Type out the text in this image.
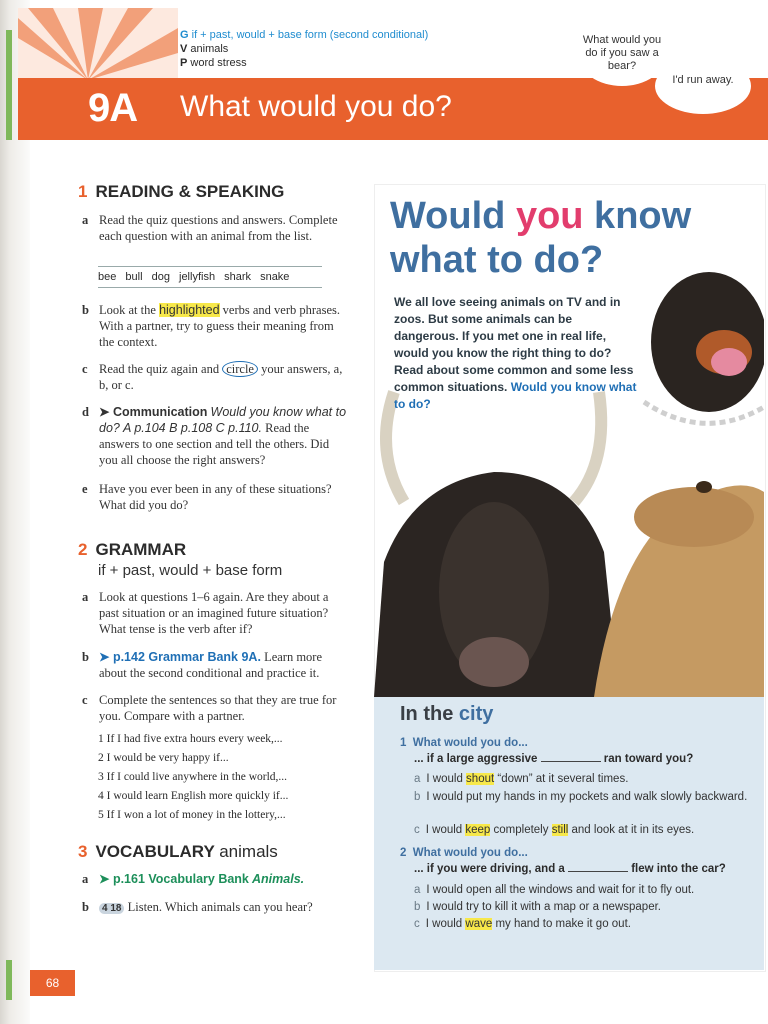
G if + past, would + base form (second conditional)
V animals
P word stress
9A What would you do?
What would you do if you saw a bear?
I'd run away.
1 READING & SPEAKING
a Read the quiz questions and answers. Complete each question with an animal from the list.
bee bull dog jellyfish shark snake
b Look at the highlighted verbs and verb phrases. With a partner, try to guess their meaning from the context.
c Read the quiz again and circle your answers, a, b, or c.
d ➤ Communication Would you know what to do? A p.104 B p.108 C p.110. Read the answers to one section and tell the others. Did you all choose the right answers?
e Have you ever been in any of these situations? What did you do?
2 GRAMMAR
if + past, would + base form
a Look at questions 1–6 again. Are they about a past situation or an imagined future situation? What tense is the verb after if?
b ➤ p.142 Grammar Bank 9A. Learn more about the second conditional and practice it.
c Complete the sentences so that they are true for you. Compare with a partner.
1 If I had five extra hours every week,...
2 I would be very happy if...
3 If I could live anywhere in the world,...
4 I would learn English more quickly if...
5 If I won a lot of money in the lottery,...
3 VOCABULARY animals
a ➤ p.161 Vocabulary Bank Animals.
b	4 18 Listen. Which animals can you hear?
68
Would you know what to do?
We all love seeing animals on TV and in zoos. But some animals can be dangerous. If you met one in real life, would you know the right thing to do? Read about some common and some less common situations. Would you know what to do?
In the city
1 What would you do...
... if a large aggressive	ran toward you?
a I would shout “down” at it several times.
b I would put my hands in my pockets and walk slowly backward.
c I would keep completely still and look at it in its eyes.
2 What would you do...
... if you were driving, and a	flew into the car?
a I would open all the windows and wait for it to fly out.
b I would try to kill it with a map or a newspaper.
c I would wave my hand to make it go out.
